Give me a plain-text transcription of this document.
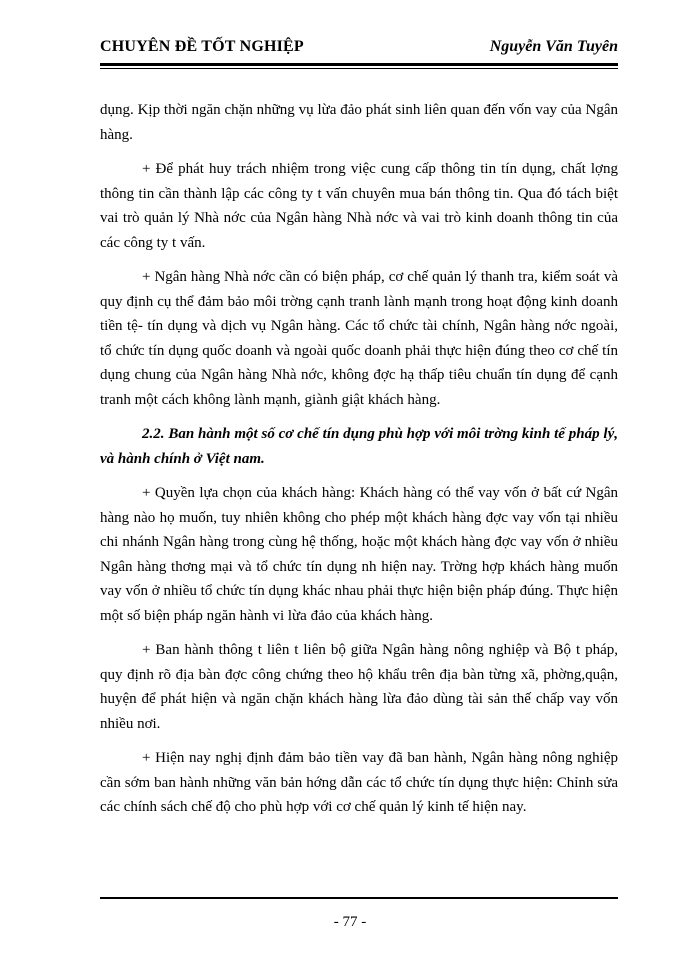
CHUYÊN ĐỀ TỐT NGHIỆP	Nguyễn Văn Tuyên

dụng. Kịp thời ngăn chặn những vụ lừa đảo phát sinh liên quan đến vốn vay của Ngân hàng.

+ Để phát huy trách nhiệm trong việc cung cấp thông tin tín dụng, chất lợng thông tin cần thành lập các công ty t vấn chuyên mua bán thông tin. Qua đó tách biệt vai trò quản lý Nhà nớc của Ngân hàng Nhà nớc và vai trò kinh doanh thông tin của các công ty t vấn.

+ Ngân hàng Nhà nớc cần có biện pháp, cơ chế quản lý thanh tra, kiểm soát và quy định cụ thể đảm bảo môi trờng cạnh tranh lành mạnh trong hoạt động kinh doanh tiền tệ- tín dụng và dịch vụ Ngân hàng. Các tổ chức tài chính, Ngân hàng nớc ngoài, tổ chức tín dụng quốc doanh và ngoài quốc doanh phải thực hiện đúng theo cơ chế tín dụng chung của Ngân hàng Nhà nớc, không đợc hạ thấp tiêu chuẩn tín dụng để cạnh tranh một cách không lành mạnh, giành giật khách hàng.

2.2. Ban hành một số cơ chế tín dụng phù hợp với môi trờng kinh tế pháp lý, và hành chính ở Việt nam.

+ Quyền lựa chọn của khách hàng: Khách hàng có thể vay vốn ở bất cứ Ngân hàng nào họ muốn, tuy nhiên không cho phép một khách hàng đợc vay vốn tại nhiều chi nhánh Ngân hàng trong cùng hệ thống, hoặc một khách hàng đợc vay vốn ở nhiều Ngân hàng thơng mại và tổ chức tín dụng nh hiện nay. Trờng hợp khách hàng muốn vay vốn ở nhiều tổ chức tín dụng khác nhau phải thực hiện biện pháp đúng. Thực hiện một số biện pháp ngăn hành vi lừa đảo của khách hàng.

+ Ban hành thông t liên t liên bộ giữa Ngân hàng nông nghiệp và Bộ t pháp, quy định rõ địa bàn đợc công chứng theo hộ khẩu trên địa bàn từng xã, phờng,quận, huyện để phát hiện và ngăn chặn khách hàng lừa đảo dùng tài sản thế chấp vay vốn nhiều nơi.

+ Hiện nay nghị định đảm bảo tiền vay đã ban hành, Ngân hàng nông nghiệp cần sớm ban hành những văn bản hớng dẫn các tổ chức tín dụng thực hiện: Chỉnh sửa các chính sách chế độ cho phù hợp với cơ chế quản lý kinh tế hiện nay.

- 77 -
